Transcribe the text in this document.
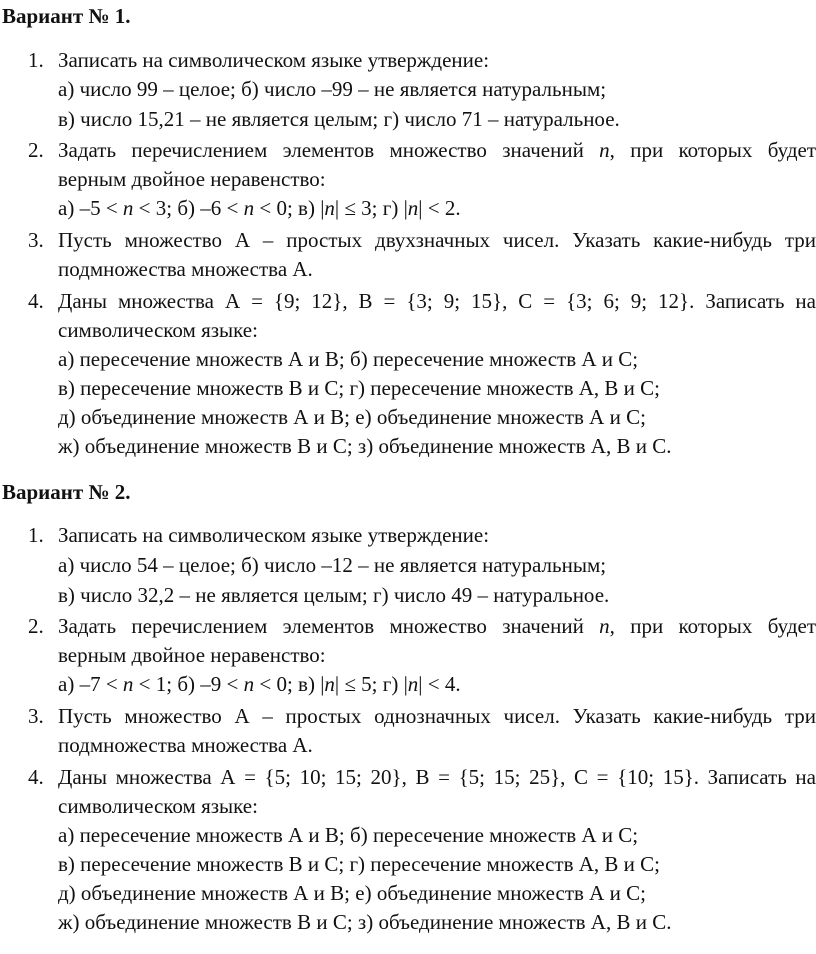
Вариант № 1.
1. Записать на символическом языке утверждение:
а) число 99 – целое; б) число –99 – не является натуральным;
в) число 15,21 – не является целым; г) число 71 – натуральное.
2. Задать перечислением элементов множество значений n, при которых будет
верным двойное неравенство:
а) –5 < n < 3; б) –6 < n < 0; в) |n| ≤ 3; г) |n| < 2.
3. Пусть множество А – простых двухзначных чисел. Указать какие-нибудь три
подмножества множества А.
4. Даны множества А = {9; 12}, В = {3; 9; 15}, С = {3; 6; 9; 12}. Записать на
символическом языке:
а) пересечение множеств А и В; б) пересечение множеств А и С;
в) пересечение множеств В и С; г) пересечение множеств А, В и С;
д) объединение множеств А и В; е) объединение множеств А и С;
ж) объединение множеств В и С; з) объединение множеств А, В и С.
Вариант № 2.
1. Записать на символическом языке утверждение:
а) число 54 – целое; б) число –12 – не является натуральным;
в) число 32,2 – не является целым; г) число 49 – натуральное.
2. Задать перечислением элементов множество значений n, при которых будет
верным двойное неравенство:
а) –7 < n < 1; б) –9 < n < 0; в) |n| ≤ 5; г) |n| < 4.
3. Пусть множество А – простых однозначных чисел. Указать какие-нибудь три
подмножества множества А.
4. Даны множества А = {5; 10; 15; 20}, В = {5; 15; 25}, С = {10; 15}. Записать на
символическом языке:
а) пересечение множеств А и В; б) пересечение множеств А и С;
в) пересечение множеств В и С; г) пересечение множеств А, В и С;
д) объединение множеств А и В; е) объединение множеств А и С;
ж) объединение множеств В и С; з) объединение множеств А, В и С.
